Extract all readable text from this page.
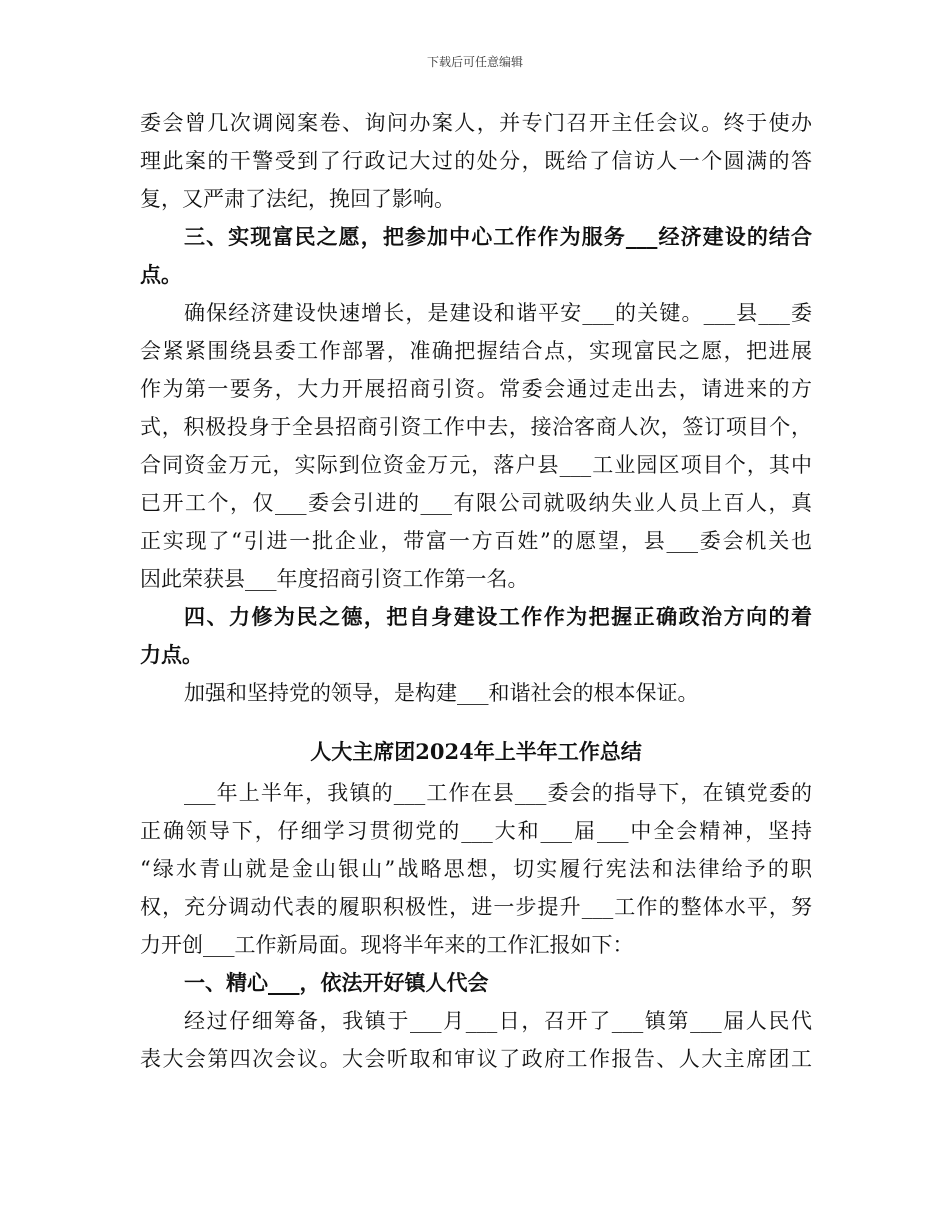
下载后可任意编辑
委会曾几次调阅案卷、询问办案人，并专门召开主任会议。终于使办
理此案的干警受到了行政记大过的处分，既给了信访人一个圆满的答
复，又严肃了法纪，挽回了影响。
三、实现富民之愿，把参加中心工作作为服务___经济建设的结合
点。
确保经济建设快速增长，是建设和谐平安___的关键。___县___委
会紧紧围绕县委工作部署，准确把握结合点，实现富民之愿，把进展
作为第一要务，大力开展招商引资。常委会通过走出去，请进来的方
式，积极投身于全县招商引资工作中去，接洽客商人次，签订项目个，
合同资金万元，实际到位资金万元，落户县___工业园区项目个，其中
已开工个，仅___委会引进的___有限公司就吸纳失业人员上百人，真
正实现了“引进一批企业，带富一方百姓”的愿望，县___委会机关也
因此荣获县___年度招商引资工作第一名。
四、力修为民之德，把自身建设工作作为把握正确政治方向的着
力点。
加强和坚持党的领导，是构建___和谐社会的根本保证。
人大主席团2024年上半年工作总结
___年上半年，我镇的___工作在县___委会的指导下，在镇党委的
正确领导下，仔细学习贯彻党的___大和___届___中全会精神，坚持
“绿水青山就是金山银山”战略思想，切实履行宪法和法律给予的职
权，充分调动代表的履职积极性，进一步提升___工作的整体水平，努
力开创___工作新局面。现将半年来的工作汇报如下：
一、精心___，依法开好镇人代会
经过仔细筹备，我镇于___月___日，召开了___镇第___届人民代
表大会第四次会议。大会听取和审议了政府工作报告、人大主席团工
